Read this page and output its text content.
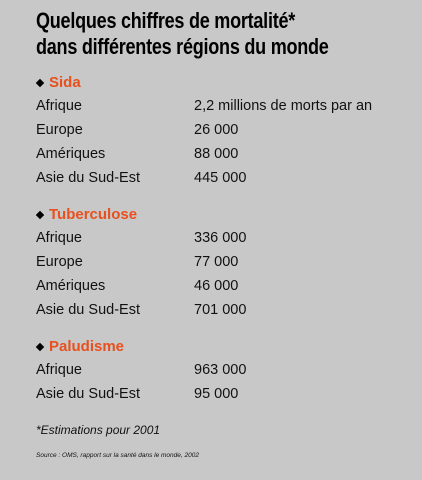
Quelques chiffres de mortalité*
dans différentes régions du monde
Sida
Afrique	2,2 millions de morts par an
Europe	26 000
Amériques	88 000
Asie du Sud-Est	445 000
Tuberculose
Afrique	336 000
Europe	77 000
Amériques	46 000
Asie du Sud-Est	701 000
Paludisme
Afrique	963 000
Asie du Sud-Est	95 000
*Estimations pour 2001
Source : OMS, rapport sur la santé dans le monde, 2002
